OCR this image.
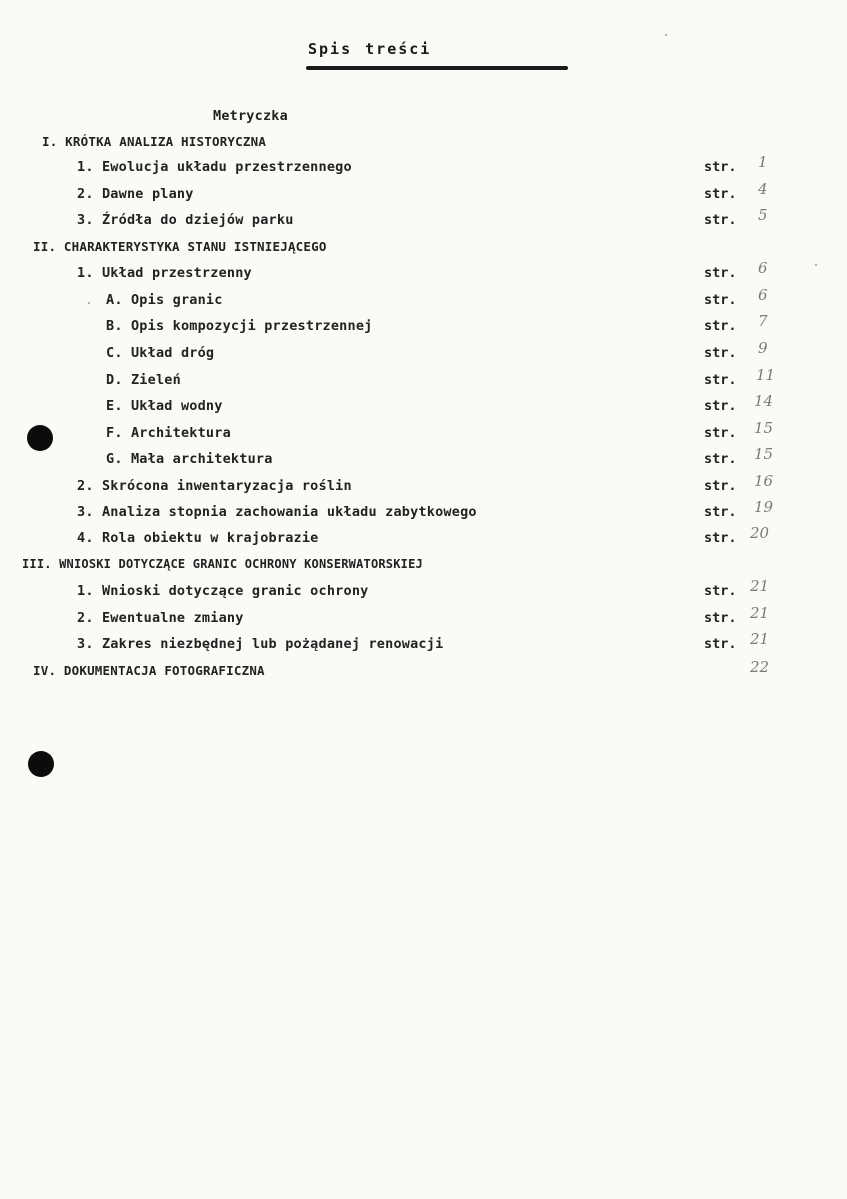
Spis treści
Metryczka
I. KRÓTKA ANALIZA HISTORYCZNA
1. Ewolucja układu przestrzennego	str. 1
2. Dawne plany	str. 4
3. Źródła do dziejów parku	str. 5
II. CHARAKTERYSTYKA STANU ISTNIEJĄCEGO
1. Układ przestrzenny	str. 6
A. Opis granic	str. 6
B. Opis kompozycji przestrzennej	str. 7
C. Układ dróg	str. 9
D. Zieleń	str. 11
E. Układ wodny	str. 14
F. Architektura	str. 15
G. Mała architektura	str. 15
2. Skrócona inwentaryzacja roślin	str. 16
3. Analiza stopnia zachowania układu zabytkowego	str. 19
4. Rola obiektu w krajobrazie	str. 20
III. WNIOSKI DOTYCZĄCE GRANIC OCHRONY KONSERWATORSKIEJ
1. Wnioski dotyczące granic ochrony	str. 21
2. Ewentualne zmiany	str. 21
3. Zakres niezbędnej lub pożądanej renowacji	str. 21
IV. DOKUMENTACJA FOTOGRAFICZNA	22
